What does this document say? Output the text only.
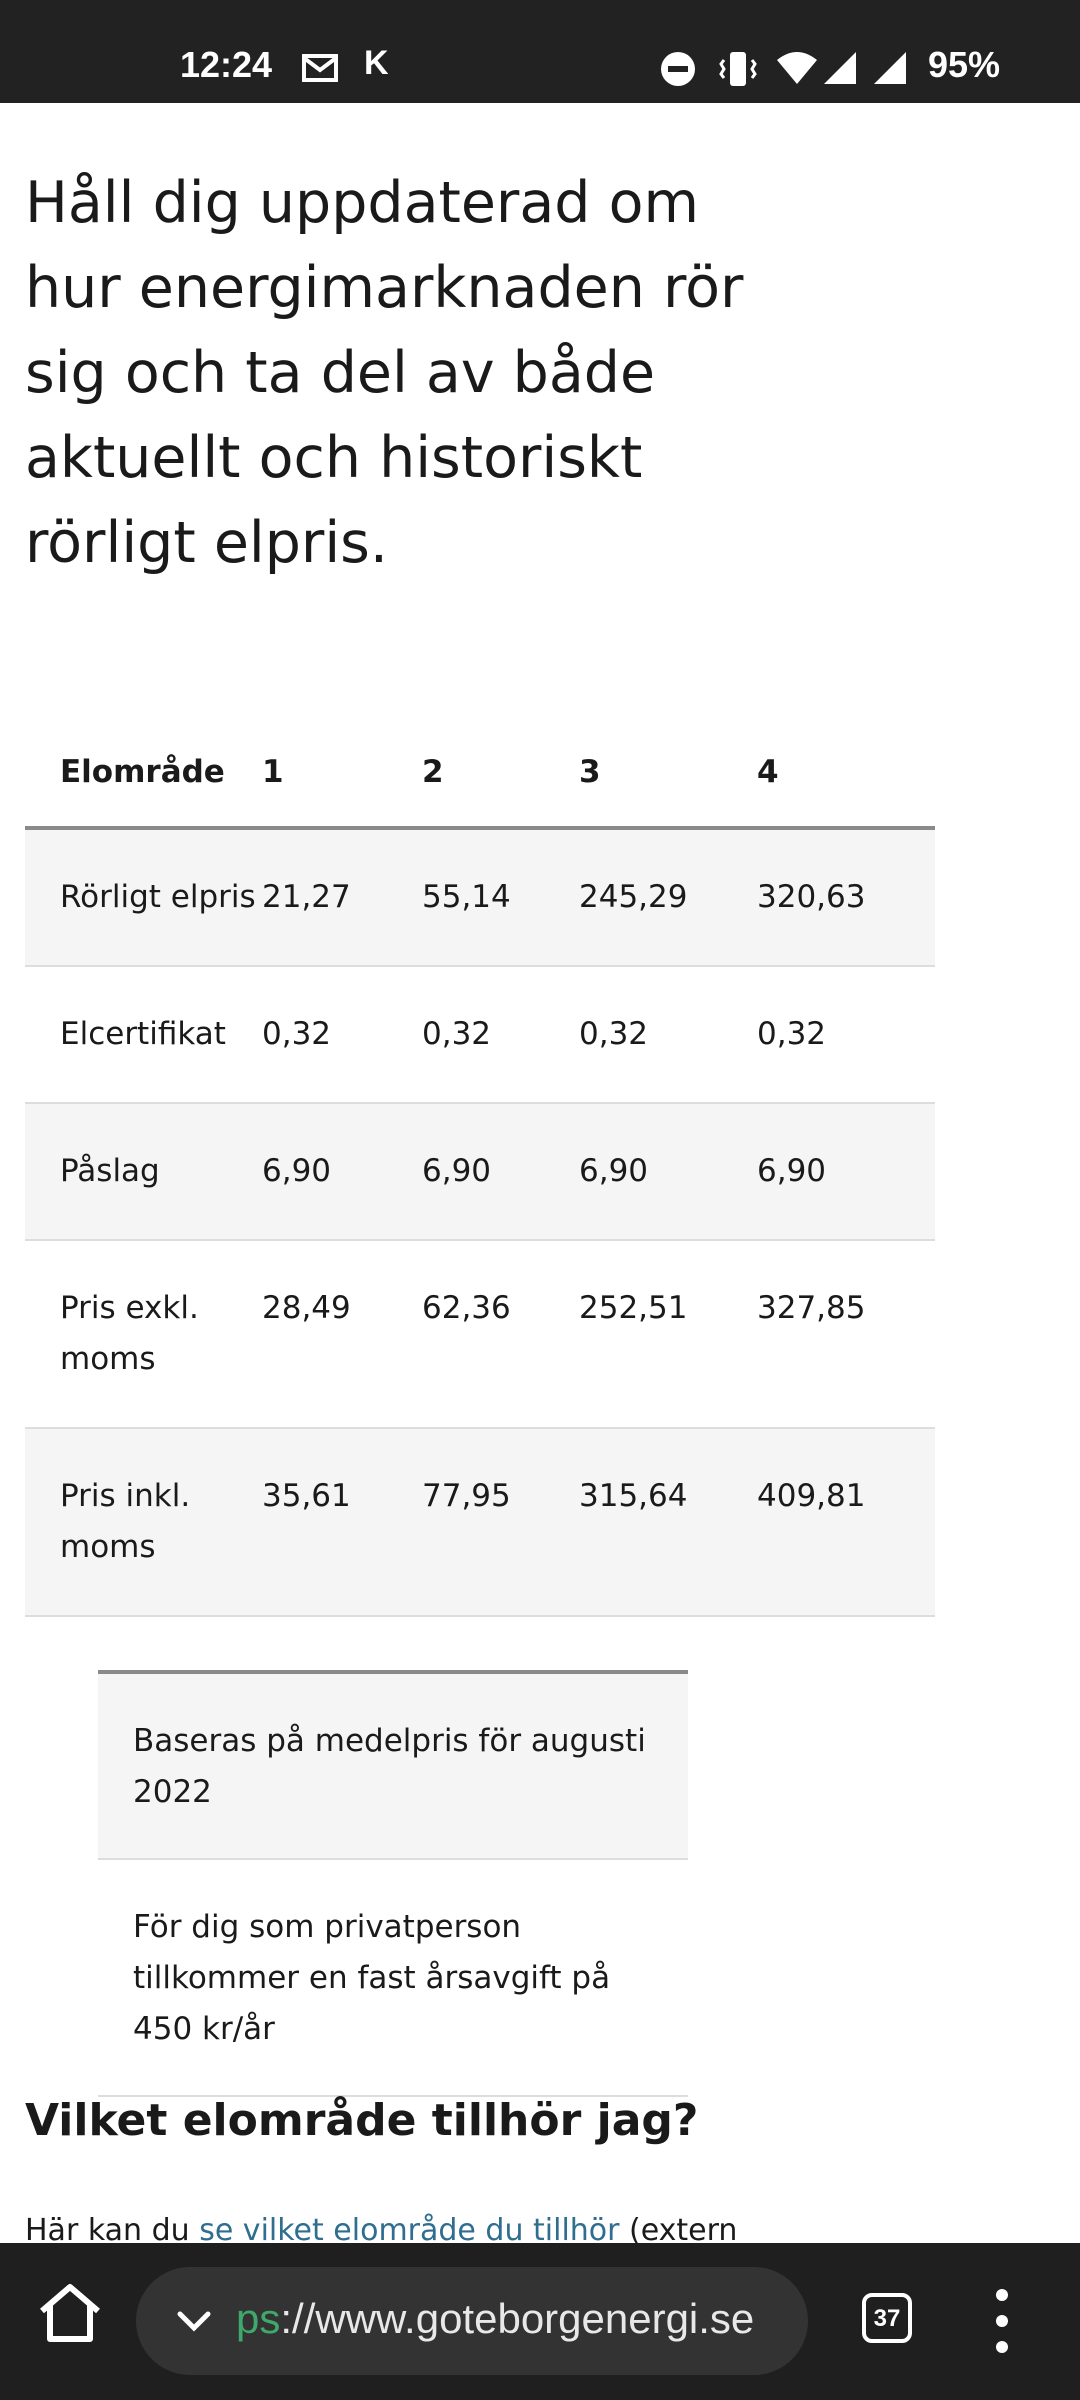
12:24	K	95%

Håll dig uppdaterad om hur energimarknaden rör sig och ta del av både aktuellt och historiskt rörligt elpris.

Elområde	1	2	3	4
Rörligt elpris	21,27	55,14	245,29	320,63
Elcertifikat	0,32	0,32	0,32	0,32
Påslag	6,90	6,90	6,90	6,90
Pris exkl. moms	28,49	62,36	252,51	327,85
Pris inkl. moms	35,61	77,95	315,64	409,81
Baseras på medelpris för augusti 2022
För dig som privatperson tillkommer en fast årsavgift på 450 kr/år
Vilket elområde tillhör jag?

Här kan du se vilket elområde du tillhör (extern

ps://www.goteborgenergi.se	37
